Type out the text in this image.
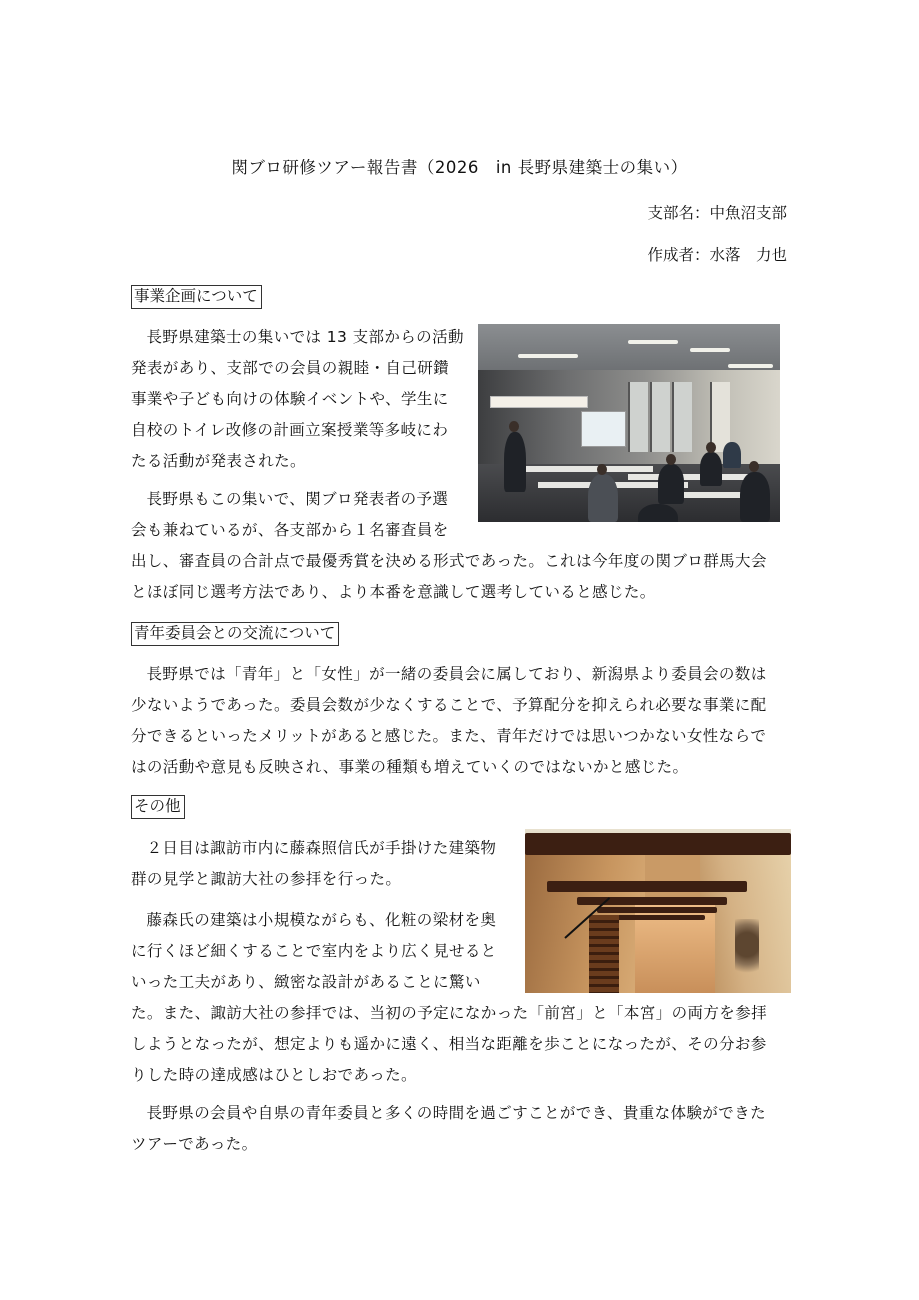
関ブロ研修ツアー報告書（2026　in 長野県建築士の集い）
支部名：中魚沼支部
作成者：水落　力也
事業企画について
長野県建築士の集いでは 13 支部からの活動
発表があり、支部での会員の親睦・自己研鑽
事業や子ども向けの体験イベントや、学生に
自校のトイレ改修の計画立案授業等多岐にわ
たる活動が発表された。
長野県もこの集いで、関ブロ発表者の予選
会も兼ねているが、各支部から１名審査員を
出し、審査員の合計点で最優秀賞を決める形式であった。これは今年度の関ブロ群馬大会
とほぼ同じ選考方法であり、より本番を意識して選考していると感じた。
青年委員会との交流について
長野県では「青年」と「女性」が一緒の委員会に属しており、新潟県より委員会の数は
少ないようであった。委員会数が少なくすることで、予算配分を抑えられ必要な事業に配
分できるといったメリットがあると感じた。また、青年だけでは思いつかない女性ならで
はの活動や意見も反映され、事業の種類も増えていくのではないかと感じた。
その他
２日目は諏訪市内に藤森照信氏が手掛けた建築物
群の見学と諏訪大社の参拝を行った。
藤森氏の建築は小規模ながらも、化粧の梁材を奥
に行くほど細くすることで室内をより広く見せると
いった工夫があり、緻密な設計があることに驚い
た。また、諏訪大社の参拝では、当初の予定になかった「前宮」と「本宮」の両方を参拝
しようとなったが、想定よりも遥かに遠く、相当な距離を歩ことになったが、その分お参
りした時の達成感はひとしおであった。
長野県の会員や自県の青年委員と多くの時間を過ごすことができ、貴重な体験ができた
ツアーであった。
